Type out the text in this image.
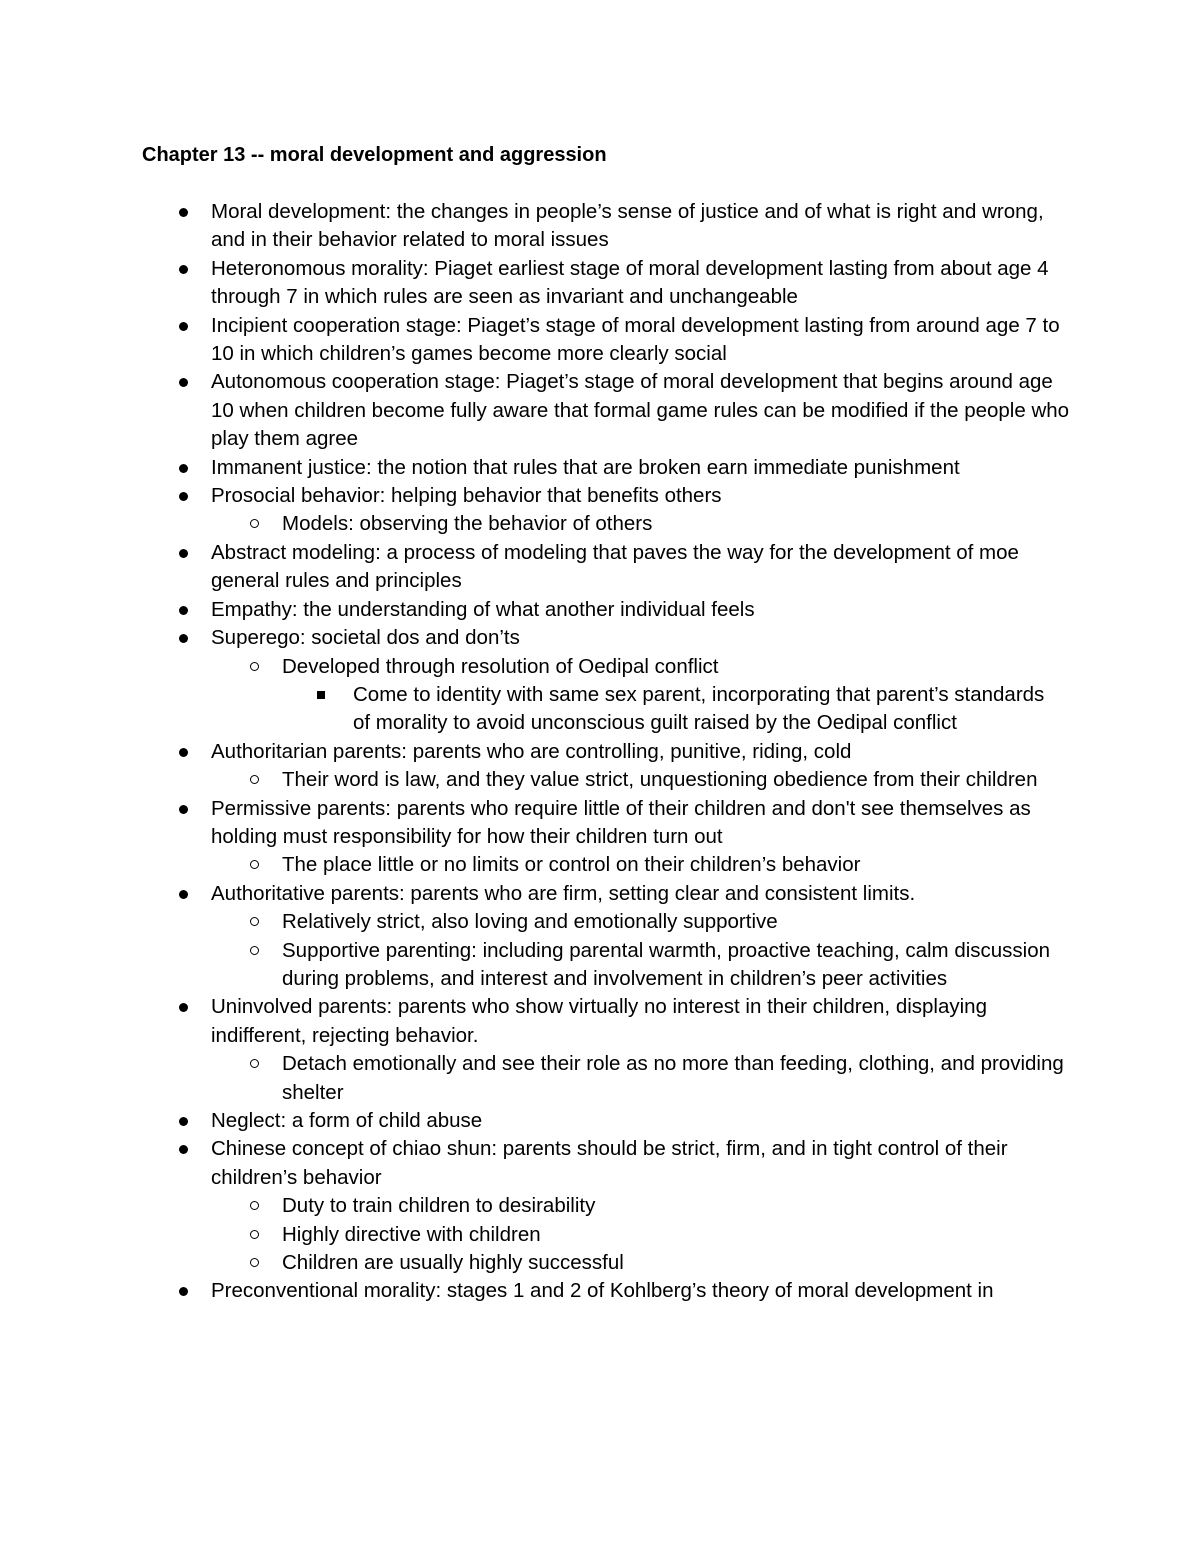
Chapter 13 -- moral development and aggression
Moral development: the changes in people’s sense of justice and of what is right and wrong, and in their behavior related to moral issues
Heteronomous morality: Piaget earliest stage of moral development lasting from about age 4 through 7 in which rules are seen as invariant and unchangeable
Incipient cooperation stage: Piaget’s stage of moral development lasting from around age 7 to 10 in which children’s games become more clearly social
Autonomous cooperation stage: Piaget’s stage of moral development that begins around age 10 when children become fully aware that formal game rules can be modified if the people who play them agree
Immanent justice: the notion that rules that are broken earn immediate punishment
Prosocial behavior: helping behavior that benefits others
Models: observing the behavior of others
Abstract modeling: a process of modeling that paves the way for the development of moe general rules and principles
Empathy: the understanding of what another individual feels
Superego: societal dos and don’ts
Developed through resolution of Oedipal conflict
Come to identity with same sex parent, incorporating that parent’s standards of morality to avoid unconscious guilt raised by the Oedipal conflict
Authoritarian parents: parents who are controlling, punitive, riding, cold
Their word is law, and they value strict, unquestioning obedience from their children
Permissive parents: parents who require little of their children and don't see themselves as holding must responsibility for how their children turn out
The place little or no limits or control on their children’s behavior
Authoritative parents: parents who are firm, setting clear and consistent limits.
Relatively strict, also loving and emotionally supportive
Supportive parenting: including parental warmth, proactive teaching, calm discussion during problems, and interest and involvement in children’s peer activities
Uninvolved parents: parents who show virtually no interest in their children, displaying indifferent, rejecting behavior.
Detach emotionally and see their role as no more than feeding, clothing, and providing shelter
Neglect: a form of child abuse
Chinese concept of chiao shun: parents should be strict, firm, and in tight control of their children’s behavior
Duty to train children to desirability
Highly directive with children
Children are usually highly successful
Preconventional morality: stages 1 and 2 of Kohlberg’s theory of moral development in
